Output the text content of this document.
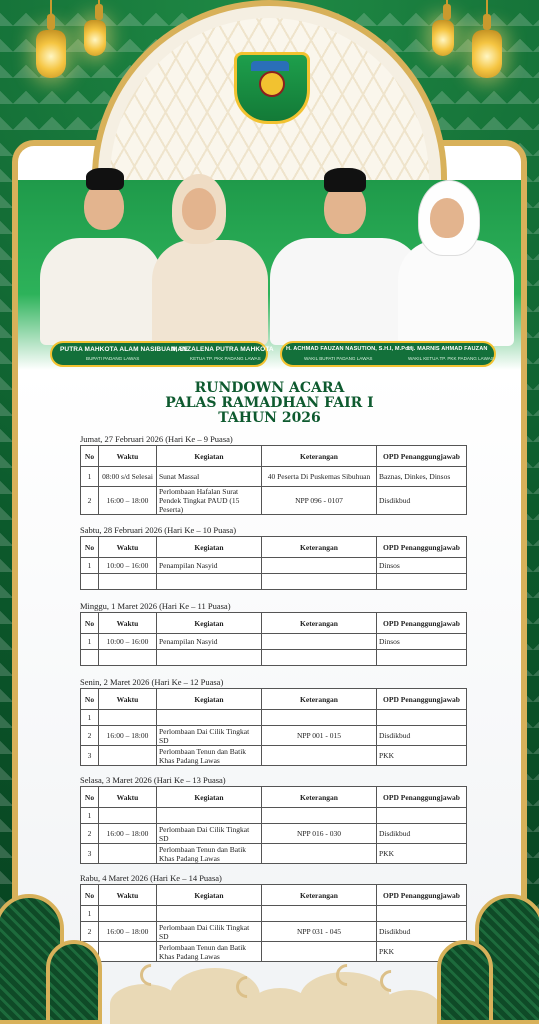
PUTRA MAHKOTA ALAM NASIBUAN, SE
BUPATI PADANG LAWAS
MANZALENA PUTRA MAHKOTA
KETUA TP. PKK PADANG LAWAS
H. ACHMAD FAUZAN NASUTION, S.H.I, M.Pd.I
WAKIL BUPATI PADANG LAWAS
Hj. MARNIS AHMAD FAUZAN
WAKIL KETUA TP. PKK PADANG LAWAS
RUNDOWN ACARA
PALAS RAMADHAN FAIR I
TAHUN 2026
Jumat, 27 Februari 2026 (Hari Ke – 9 Puasa)
No	Waktu	Kegiatan	Keterangan	OPD Penanggungjawab
1	08:00 s/d Selesai	Sunat Massal	40 Peserta Di Puskemas Sibuhuan	Baznas, Dinkes, Dinsos
2	16:00 – 18:00	Perlombaan Hafalan Surat Pendek Tingkat PAUD (15 Peserta)	NPP 096 - 0107	Disdikbud
Sabtu, 28 Februari 2026 (Hari Ke – 10 Puasa)
No	Waktu	Kegiatan	Keterangan	OPD Penanggungjawab
1	10:00 – 16:00	Penampilan Nasyid		Dinsos

Minggu, 1 Maret 2026 (Hari Ke – 11 Puasa)
No	Waktu	Kegiatan	Keterangan	OPD Penanggungjawab
1	10:00 – 16:00	Penampilan Nasyid		Dinsos

Senin, 2 Maret 2026 (Hari Ke – 12 Puasa)
No	Waktu	Kegiatan	Keterangan	OPD Penanggungjawab
1				
2	16:00 – 18:00	Perlombaan Dai Cilik Tingkat SD	NPP 001 - 015	Disdikbud
3		Perlombaan Tenun dan Batik Khas Padang Lawas		PKK
Selasa, 3 Maret 2026 (Hari Ke – 13 Puasa)
No	Waktu	Kegiatan	Keterangan	OPD Penanggungjawab
1				
2	16:00 – 18:00	Perlombaan Dai Cilik Tingkat SD	NPP 016 - 030	Disdikbud
3		Perlombaan Tenun dan Batik Khas Padang Lawas		PKK
Rabu, 4 Maret 2026 (Hari Ke – 14 Puasa)
No	Waktu	Kegiatan	Keterangan	OPD Penanggungjawab
1				
2	16:00 – 18:00	Perlombaan Dai Cilik Tingkat SD	NPP 031 - 045	Disdikbud
		Perlombaan Tenun dan Batik Khas Padang Lawas		PKK
